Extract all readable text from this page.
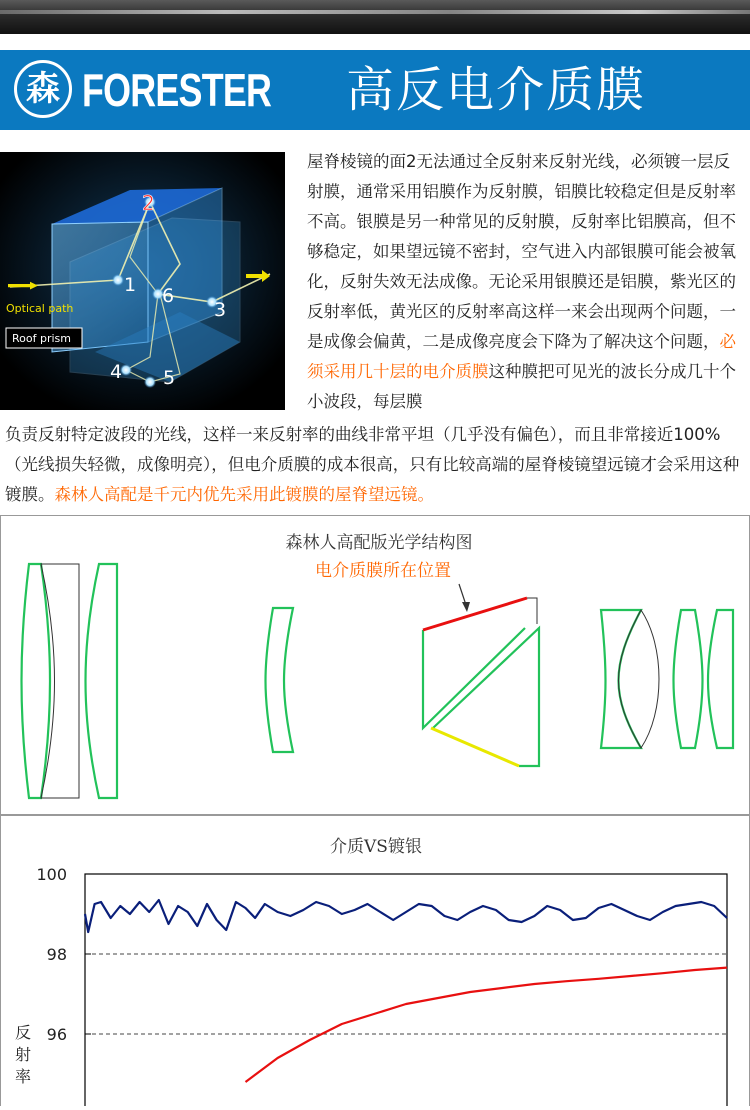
森 FORESTER 高反电介质膜
1
2
3
4 5
6
Optical path
Roof prism
屋脊棱镜的面2无法通过全反射来反射光线，必须镀一层反射膜，通常采用铝膜作为反射膜，铝膜比较稳定但是反射率不高。银膜是另一种常见的反射膜，反射率比铝膜高，但不够稳定，如果望远镜不密封，空气进入内部银膜可能会被氧化，反射失效无法成像。无论采用银膜还是铝膜，紫光区的反射率低，黄光区的反射率高这样一来会出现两个问题，一是成像会偏黄，二是成像亮度会下降为了解决这个问题，必须采用几十层的电介质膜这种膜把可见光的波长分成几十个小波段，每层膜
负责反射特定波段的光线，这样一来反射率的曲线非常平坦（几乎没有偏色），而且非常接近100%（光线损失轻微，成像明亮），但电介质膜的成本很高，只有比较高端的屋脊棱镜望远镜才会采用这种镀膜。森林人高配是千元内优先采用此镀膜的屋脊望远镜。
森林人高配版光学结构图
电介质膜所在位置
介质VS镀银
96
98
100
反
射
率
